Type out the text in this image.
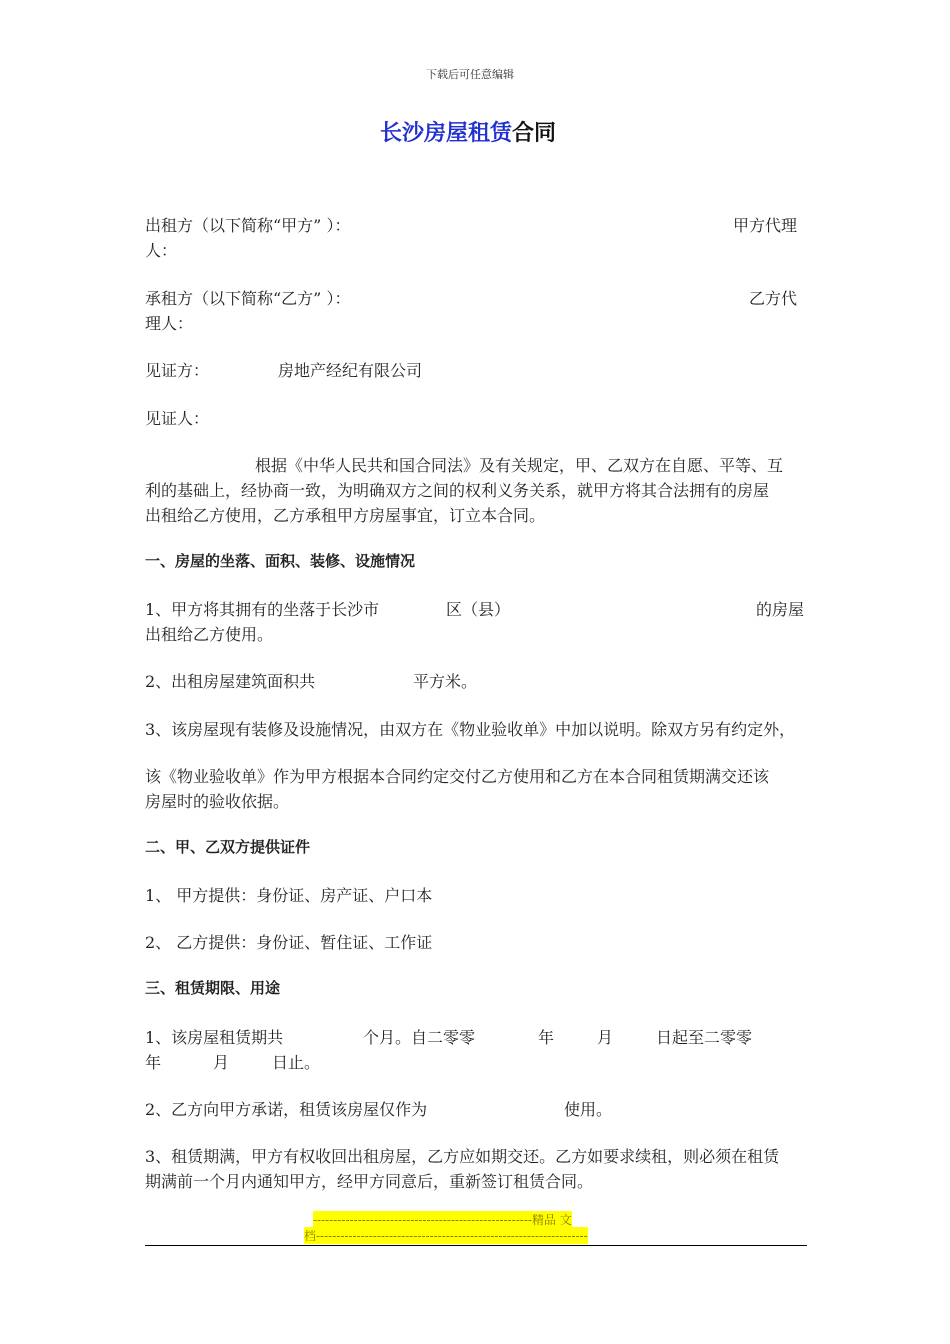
下载后可任意编辑
长沙房屋租赁合同
出租方（以下简称“甲方” ）：	甲方代理
人：
承租方（以下简称“乙方” ）：	乙方代
理人：
见证方：	房地产经纪有限公司
见证人：
根据《中华人民共和国合同法》及有关规定，甲、乙双方在自愿、平等、互
利的基础上，经协商一致，为明确双方之间的权利义务关系，就甲方将其合法拥有的房屋
出租给乙方使用，乙方承租甲方房屋事宜，订立本合同。
一、房屋的坐落、面积、装修、设施情况
1、甲方将其拥有的坐落于长沙市	区（县）	的房屋
出租给乙方使用。
2、出租房屋建筑面积共	平方米。
3、该房屋现有装修及设施情况，由双方在《物业验收单》中加以说明。除双方另有约定外，
该《物业验收单》作为甲方根据本合同约定交付乙方使用和乙方在本合同租赁期满交还该
房屋时的验收依据。
二、甲、乙双方提供证件
1、 甲方提供：身份证、房产证、户口本
2、 乙方提供：身份证、暂住证、工作证
三、租赁期限、用途
1、该房屋租赁期共	个月。自二零零	年	月	日起至二零零
年	月	日止。
2、乙方向甲方承诺，租赁该房屋仅作为	使用。
3、租赁期满，甲方有权收回出租房屋，乙方应如期交还。乙方如要求续租，则必须在租赁
期满前一个月内通知甲方，经甲方同意后，重新签订租赁合同。
------------------------------------------------------精品 文
档-------------------------------------------------------------------
